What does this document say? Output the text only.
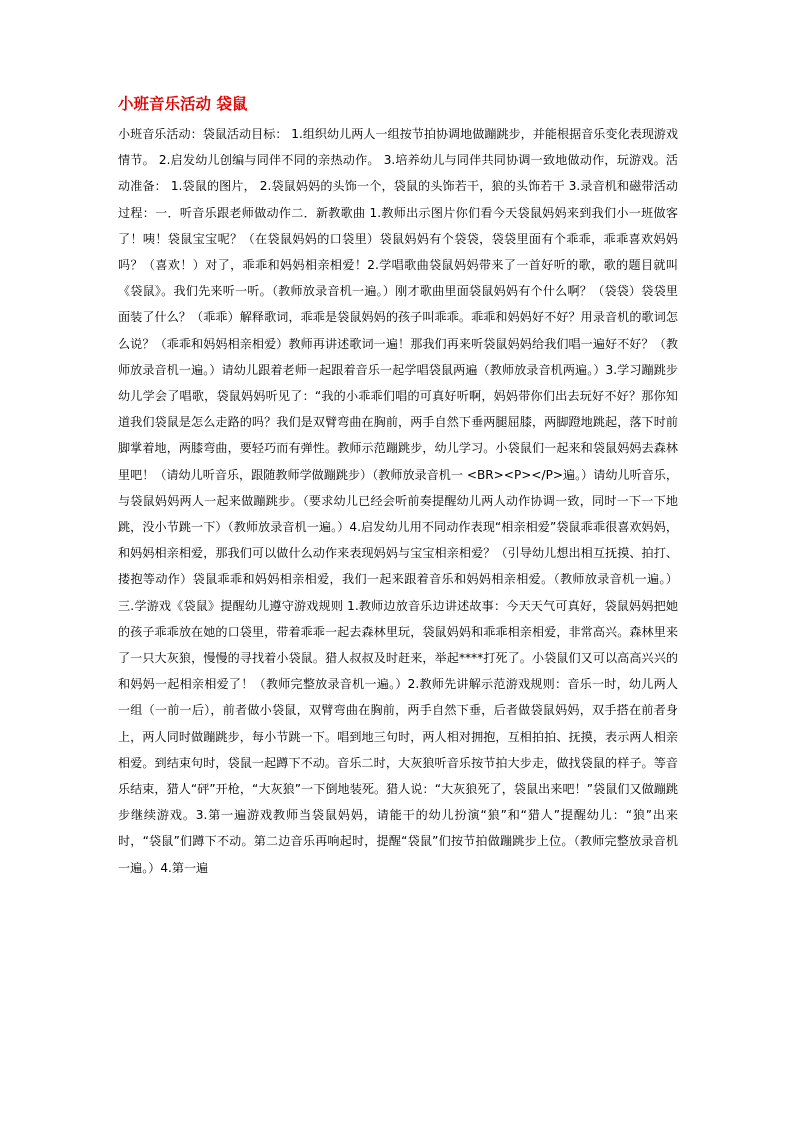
小班音乐活动 袋鼠

小班音乐活动：袋鼠活动目标： 1.组织幼儿两人一组按节拍协调地做蹦跳步，并能根据音乐变化表现游戏情节。 2.启发幼儿创编与同伴不同的亲热动作。 3.培养幼儿与同伴共同协调一致地做动作，玩游戏。活动准备： 1.袋鼠的图片， 2.袋鼠妈妈的头饰一个，袋鼠的头饰若干，狼的头饰若干 3.录音机和磁带活动过程：一．听音乐跟老师做动作二．新教歌曲 1.教师出示图片你们看今天袋鼠妈妈来到我们小一班做客了！咦！袋鼠宝宝呢？（在袋鼠妈妈的口袋里）袋鼠妈妈有个袋袋，袋袋里面有个乖乖，乖乖喜欢妈妈吗？（喜欢！）对了，乖乖和妈妈相亲相爱！2.学唱歌曲袋鼠妈妈带来了一首好听的歌，歌的题目就叫《袋鼠》。我们先来听一听。（教师放录音机一遍。）刚才歌曲里面袋鼠妈妈有个什么啊？（袋袋）袋袋里面装了什么？（乖乖）解释歌词，乖乖是袋鼠妈妈的孩子叫乖乖。乖乖和妈妈好不好？用录音机的歌词怎么说？（乖乖和妈妈相亲相爱）教师再讲述歌词一遍！那我们再来听袋鼠妈妈给我们唱一遍好不好？（教师放录音机一遍。）请幼儿跟着老师一起跟着音乐一起学唱袋鼠两遍（教师放录音机两遍。）3.学习蹦跳步幼儿学会了唱歌，袋鼠妈妈听见了：“我的小乖乖们唱的可真好听啊，妈妈带你们出去玩好不好？那你知道我们袋鼠是怎么走路的吗？我们是双臂弯曲在胸前，两手自然下垂两腿屈膝，两脚蹬地跳起，落下时前脚掌着地，两膝弯曲，要轻巧而有弹性。教师示范蹦跳步，幼儿学习。小袋鼠们一起来和袋鼠妈妈去森林里吧！（请幼儿听音乐，跟随教师学做蹦跳步）（教师放录音机一 <BR><P></P>遍。）请幼儿听音乐，与袋鼠妈妈两人一起来做蹦跳步。（要求幼儿已经会听前奏提醒幼儿两人动作协调一致，同时一下一下地跳，没小节跳一下）（教师放录音机一遍。）4.启发幼儿用不同动作表现“相亲相爱”袋鼠乖乖很喜欢妈妈，和妈妈相亲相爱，那我们可以做什么动作来表现妈妈与宝宝相亲相爱？（引导幼儿想出相互抚摸、拍打、搂抱等动作）袋鼠乖乖和妈妈相亲相爱，我们一起来跟着音乐和妈妈相亲相爱。（教师放录音机一遍。）三.学游戏《袋鼠》提醒幼儿遵守游戏规则 1.教师边放音乐边讲述故事：今天天气可真好，袋鼠妈妈把她的孩子乖乖放在她的口袋里，带着乖乖一起去森林里玩，袋鼠妈妈和乖乖相亲相爱，非常高兴。森林里来了一只大灰狼，慢慢的寻找着小袋鼠。猎人叔叔及时赶来，举起****打死了。小袋鼠们又可以高高兴兴的和妈妈一起相亲相爱了！（教师完整放录音机一遍。）2.教师先讲解示范游戏规则：音乐一时，幼儿两人一组（一前一后），前者做小袋鼠，双臂弯曲在胸前，两手自然下垂，后者做袋鼠妈妈，双手搭在前者身上，两人同时做蹦跳步，每小节跳一下。唱到地三句时，两人相对拥抱，互相拍拍、抚摸，表示两人相亲相爱。到结束句时，袋鼠一起蹲下不动。音乐二时，大灰狼听音乐按节拍大步走，做找袋鼠的样子。等音乐结束，猎人“砰”开枪，“大灰狼”一下倒地装死。猎人说：“大灰狼死了，袋鼠出来吧！”袋鼠们又做蹦跳步继续游戏。3.第一遍游戏教师当袋鼠妈妈，请能干的幼儿扮演“狼”和“猎人”提醒幼儿：“狼”出来时，“袋鼠”们蹲下不动。第二边音乐再响起时，提醒“袋鼠”们按节拍做蹦跳步上位。（教师完整放录音机一遍。）4.第一遍
